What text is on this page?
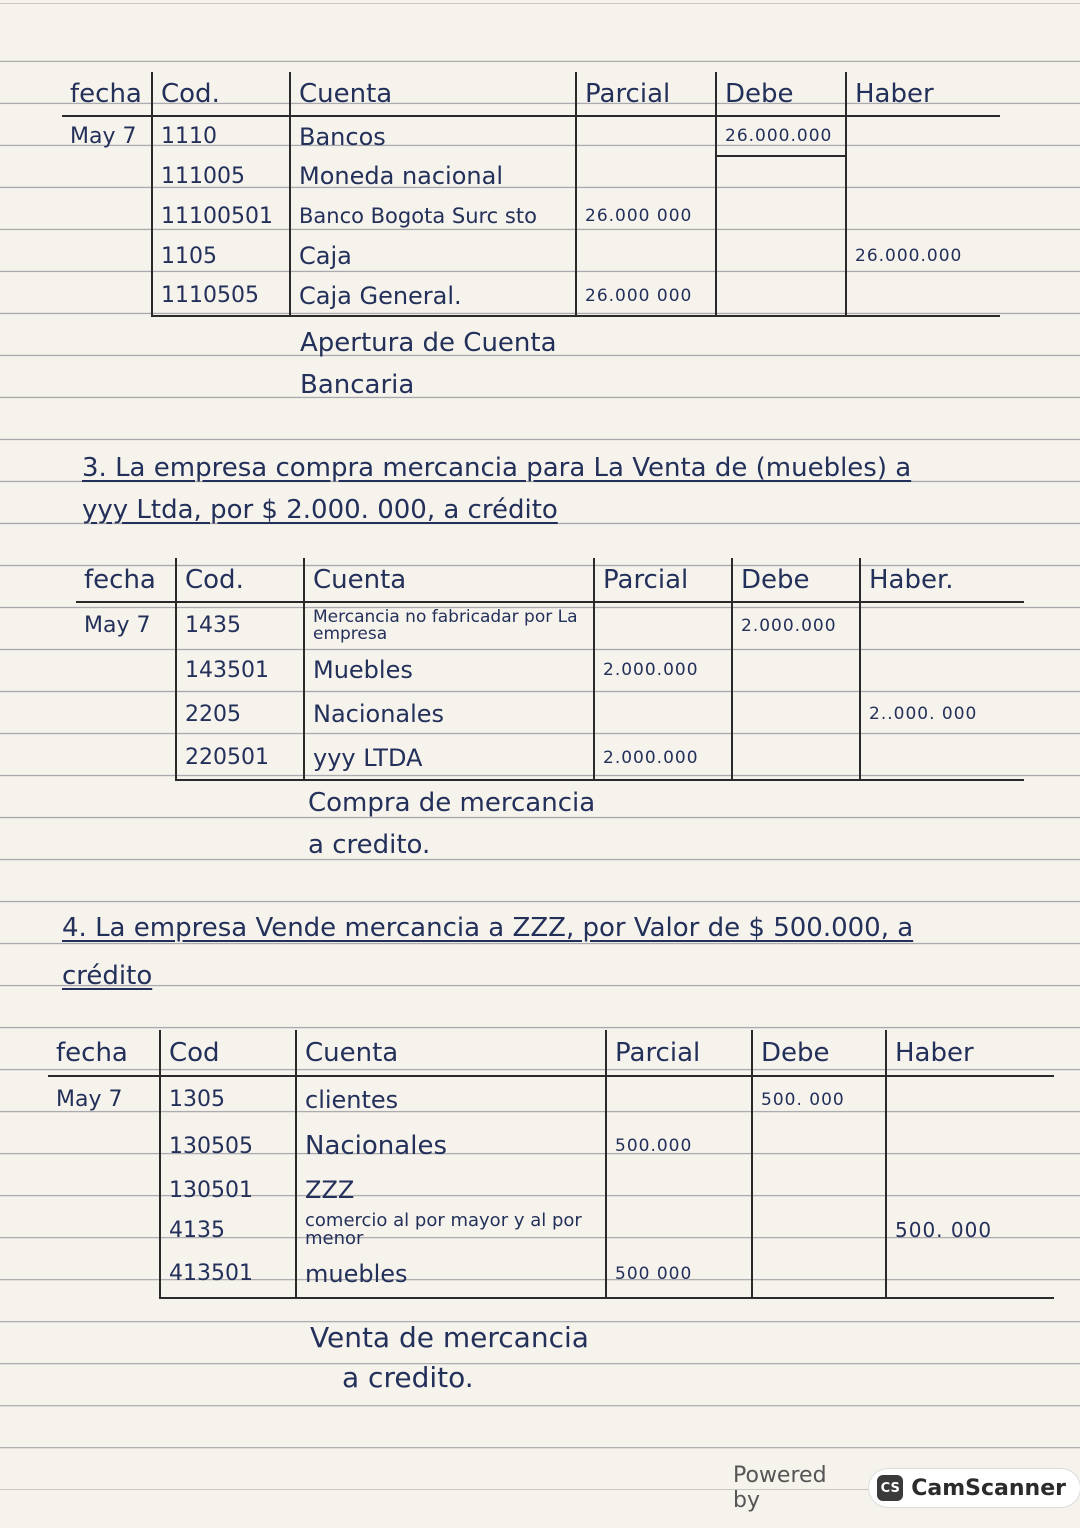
fecha	Cod.	Cuenta	Parcial	Debe	Haber
May 7	1110	Bancos		26.000.000	
	111005	Moneda nacional			
	11100501	Banco Bogota Surc sto	26.000 000		
	1105	Caja			26.000.000
	1110505	Caja General.	26.000 000		
Apertura de Cuenta
Bancaria
3. La empresa compra mercancia para La Venta de (muebles) a
yyy Ltda, por $ 2.000. 000, a crédito
fecha	Cod.	Cuenta	Parcial	Debe	Haber.
May 7	1435	Mercancia no fabricadar por La empresa		2.000.000	
	143501	Muebles	2.000.000		
	2205	Nacionales			2..000. 000
	220501	yyy LTDA	2.000.000		
Compra de mercancia
a credito.
4. La empresa Vende mercancia a ZZZ, por Valor de $ 500.000, a
crédito
fecha	Cod	Cuenta	Parcial	Debe	Haber
May 7	1305	clientes		500. 000	
	130505	Nacionales	500.000		
	130501	ZZZ			
	4135	comercio al por mayor y al por menor			500. 000
	413501	muebles	500 000		
Venta de mercancia
a credito.
Powered by	CS CamScanner
